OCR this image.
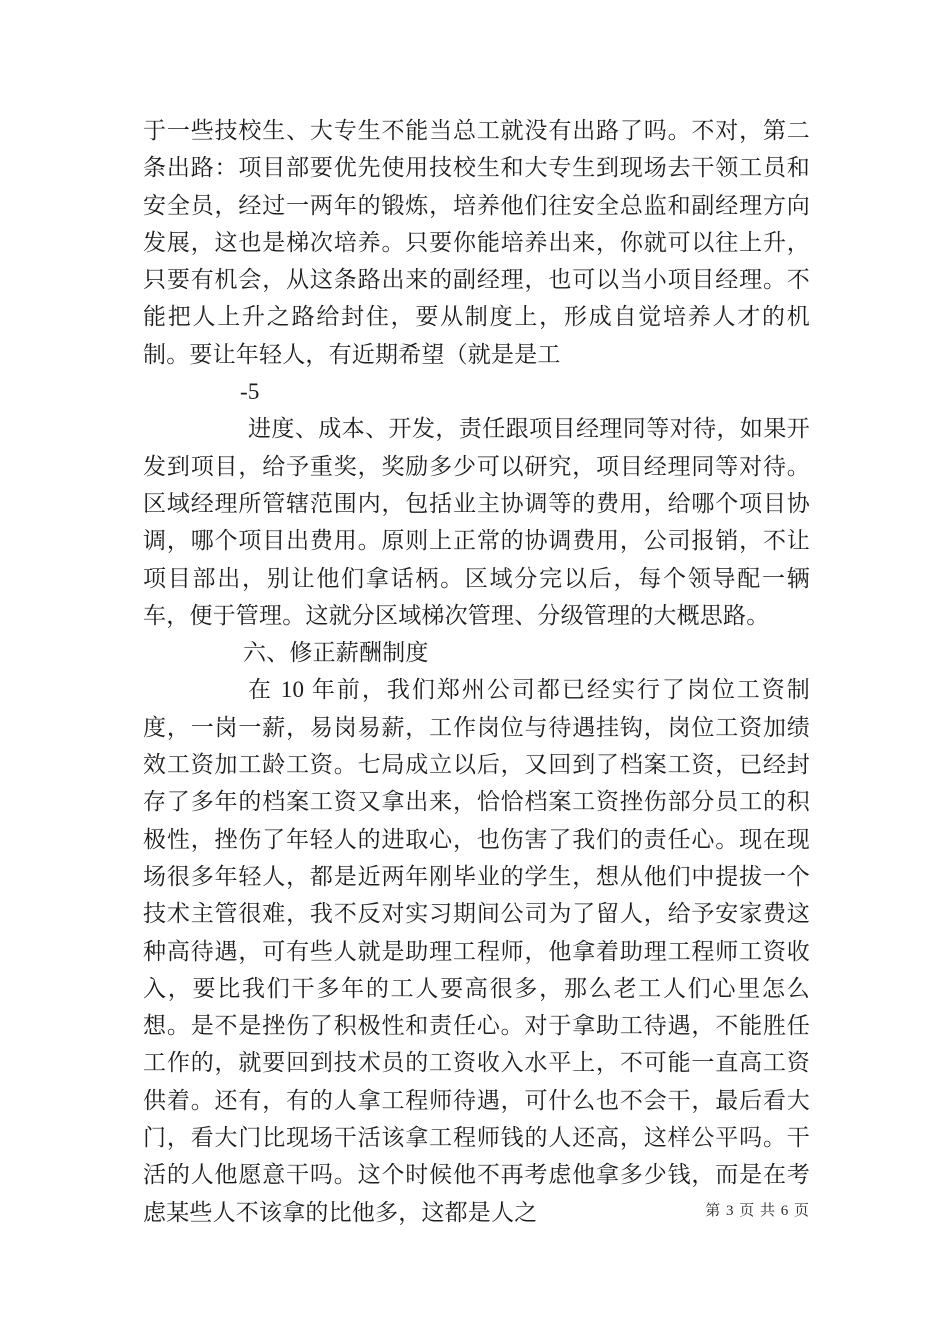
于一些技校生、大专生不能当总工就没有出路了吗。不对，第二条出路：项目部要优先使用技校生和大专生到现场去干领工员和安全员，经过一两年的锻炼，培养他们往安全总监和副经理方向发展，这也是梯次培养。只要你能培养出来，你就可以往上升，只要有机会，从这条路出来的副经理，也可以当小项目经理。不能把人上升之路给封住，要从制度上，形成自觉培养人才的机制。要让年轻人，有近期希望（就是是工

-5

进度、成本、开发，责任跟项目经理同等对待，如果开发到项目，给予重奖，奖励多少可以研究，项目经理同等对待。区域经理所管辖范围内，包括业主协调等的费用，给哪个项目协调，哪个项目出费用。原则上正常的协调费用，公司报销，不让项目部出，别让他们拿话柄。区域分完以后，每个领导配一辆车，便于管理。这就分区域梯次管理、分级管理的大概思路。

六、修正薪酬制度

在 10 年前，我们郑州公司都已经实行了岗位工资制度，一岗一薪，易岗易薪，工作岗位与待遇挂钩，岗位工资加绩效工资加工龄工资。七局成立以后，又回到了档案工资，已经封存了多年的档案工资又拿出来，恰恰档案工资挫伤部分员工的积极性，挫伤了年轻人的进取心，也伤害了我们的责任心。现在现场很多年轻人，都是近两年刚毕业的学生，想从他们中提拔一个技术主管很难，我不反对实习期间公司为了留人，给予安家费这种高待遇，可有些人就是助理工程师，他拿着助理工程师工资收入，要比我们干多年的工人要高很多，那么老工人们心里怎么想。是不是挫伤了积极性和责任心。对于拿助工待遇，不能胜任工作的，就要回到技术员的工资收入水平上，不可能一直高工资供着。还有，有的人拿工程师待遇，可什么也不会干，最后看大门，看大门比现场干活该拿工程师钱的人还高，这样公平吗。干活的人他愿意干吗。这个时候他不再考虑他拿多少钱，而是在考虑某些人不该拿的比他多，这都是人之	第 3 页 共 6 页
